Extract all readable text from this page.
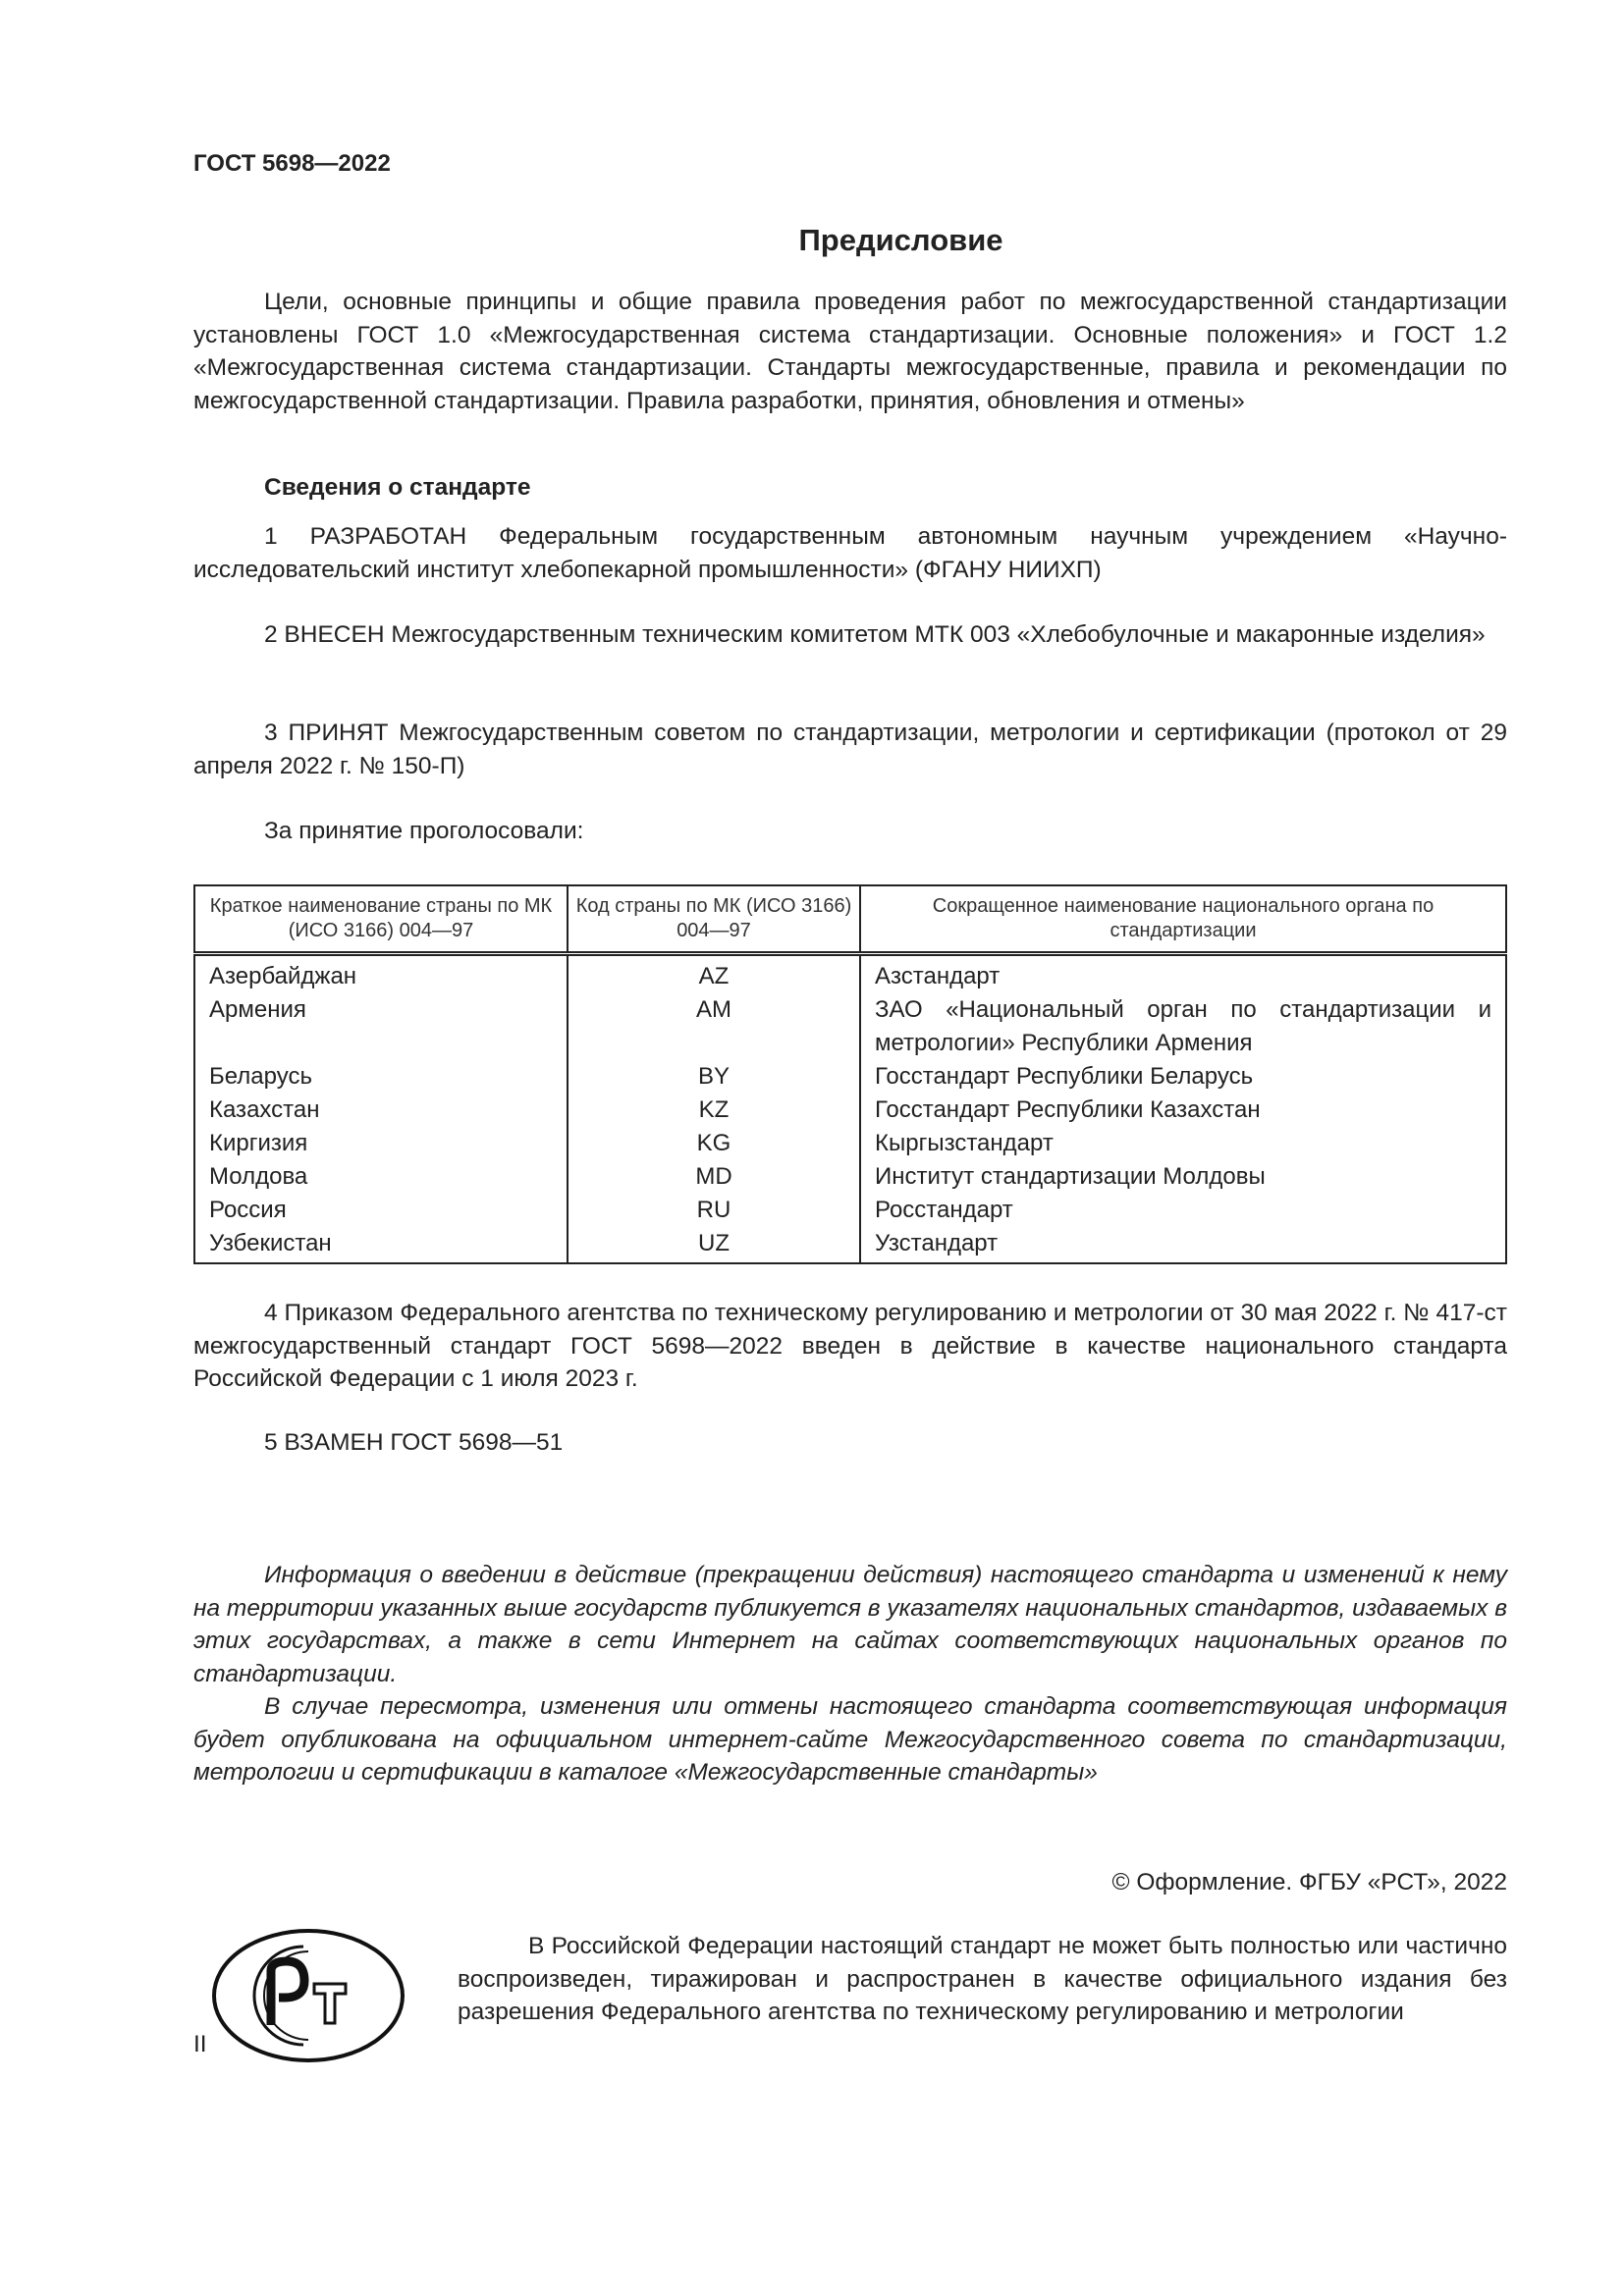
ГОСТ 5698—2022
Предисловие

Цели, основные принципы и общие правила проведения работ по межгосударственной стандартизации установлены ГОСТ 1.0 «Межгосударственная система стандартизации. Основные положения» и ГОСТ 1.2 «Межгосударственная система стандартизации. Стандарты межгосударственные, правила и рекомендации по межгосударственной стандартизации. Правила разработки, принятия, обновления и отмены»

Сведения о стандарте

1 РАЗРАБОТАН Федеральным государственным автономным научным учреждением «Научно-исследовательский институт хлебопекарной промышленности» (ФГАНУ НИИХП)

2 ВНЕСЕН Межгосударственным техническим комитетом МТК 003 «Хлебобулочные и макаронные изделия»

3 ПРИНЯТ Межгосударственным советом по стандартизации, метрологии и сертификации (протокол от 29 апреля 2022 г. № 150-П)

За принятие проголосовали:
Краткое наименование страны по МК (ИСО 3166) 004—97	Код страны по МК (ИСО 3166) 004—97	Сокращенное наименование национального органа по стандартизации
Азербайджан	AZ	Азстандарт
Армения	AM	ЗАО «Национальный орган по стандартизации и метрологии» Республики Армения
Беларусь	BY	Госстандарт Республики Беларусь
Казахстан	KZ	Госстандарт Республики Казахстан
Киргизия	KG	Кыргызстандарт
Молдова	MD	Институт стандартизации Молдовы
Россия	RU	Росстандарт
Узбекистан	UZ	Узстандарт

4 Приказом Федерального агентства по техническому регулированию и метрологии от 30 мая 2022 г. № 417-ст межгосударственный стандарт ГОСТ 5698—2022 введен в действие в качестве национального стандарта Российской Федерации с 1 июля 2023 г.

5 ВЗАМЕН ГОСТ 5698—51

Информация о введении в действие (прекращении действия) настоящего стандарта и изменений к нему на территории указанных выше государств публикуется в указателях национальных стандартов, издаваемых в этих государствах, а также в сети Интернет на сайтах соответствующих национальных органов по стандартизации.

В случае пересмотра, изменения или отмены настоящего стандарта соответствующая информация будет опубликована на официальном интернет-сайте Межгосударственного совета по стандартизации, метрологии и сертификации в каталоге «Межгосударственные стандарты»

© Оформление. ФГБУ «РСТ», 2022

В Российской Федерации настоящий стандарт не может быть полностью или частично воспроизведен, тиражирован и распространен в качестве официального издания без разрешения Федерального агентства по техническому регулированию и метрологии

II
